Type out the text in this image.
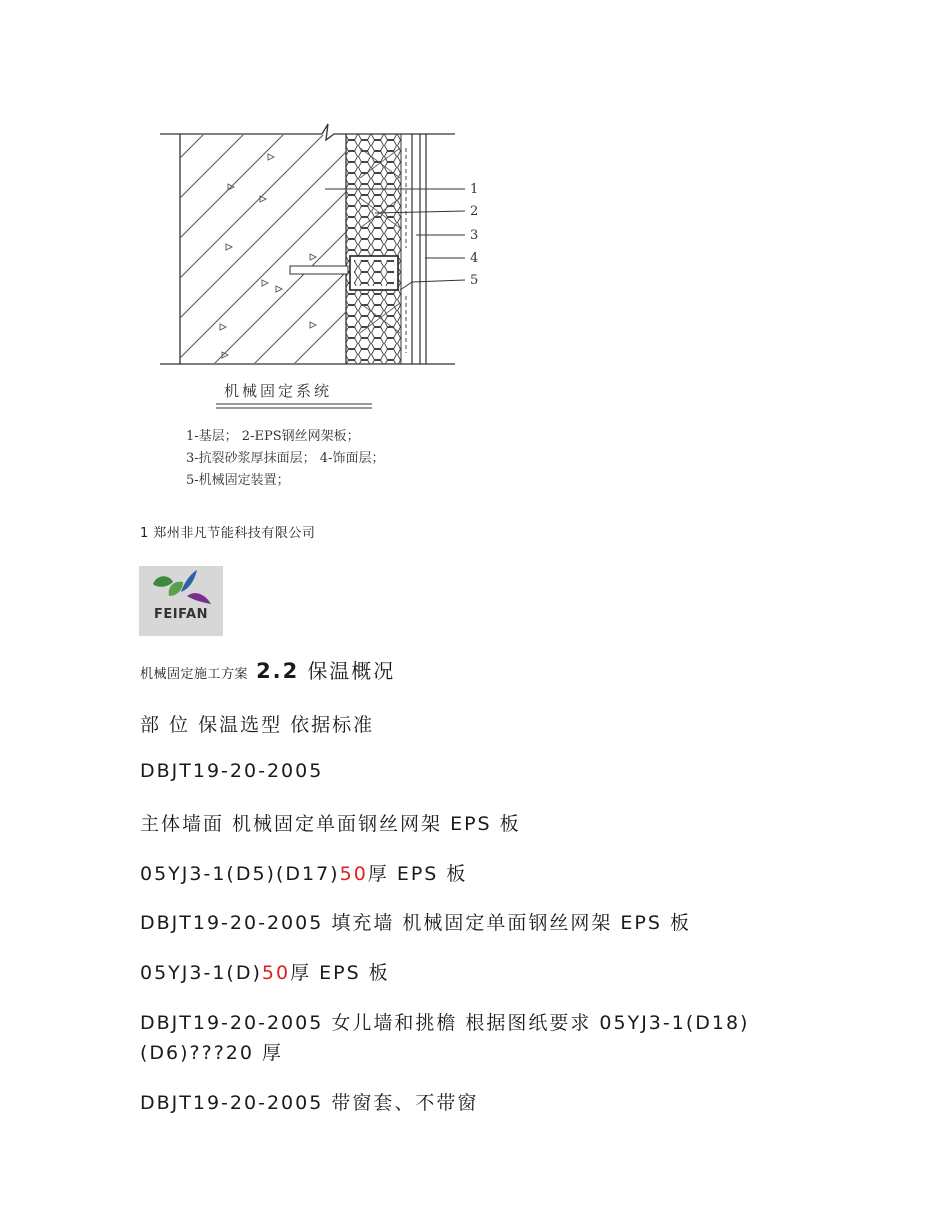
1
2
3
4
5
机械固定系统
1-基层； 2-EPS钢丝网架板；
3-抗裂砂浆厚抹面层； 4-饰面层；
5-机械固定装置；
1 郑州非凡节能科技有限公司
FEIFAN
机械固定施工方案 2.2 保温概况
部 位 保温选型 依据标准
DBJT19-20-2005
主体墙面 机械固定单面钢丝网架 EPS 板
05YJ3-1(D5)(D17)50厚 EPS 板
DBJT19-20-2005 填充墙 机械固定单面钢丝网架 EPS 板
05YJ3-1(D)50厚 EPS 板
DBJT19-20-2005 女儿墙和挑檐 根据图纸要求 05YJ3-1(D18)
(D6)???20 厚
DBJT19-20-2005 带窗套、不带窗
